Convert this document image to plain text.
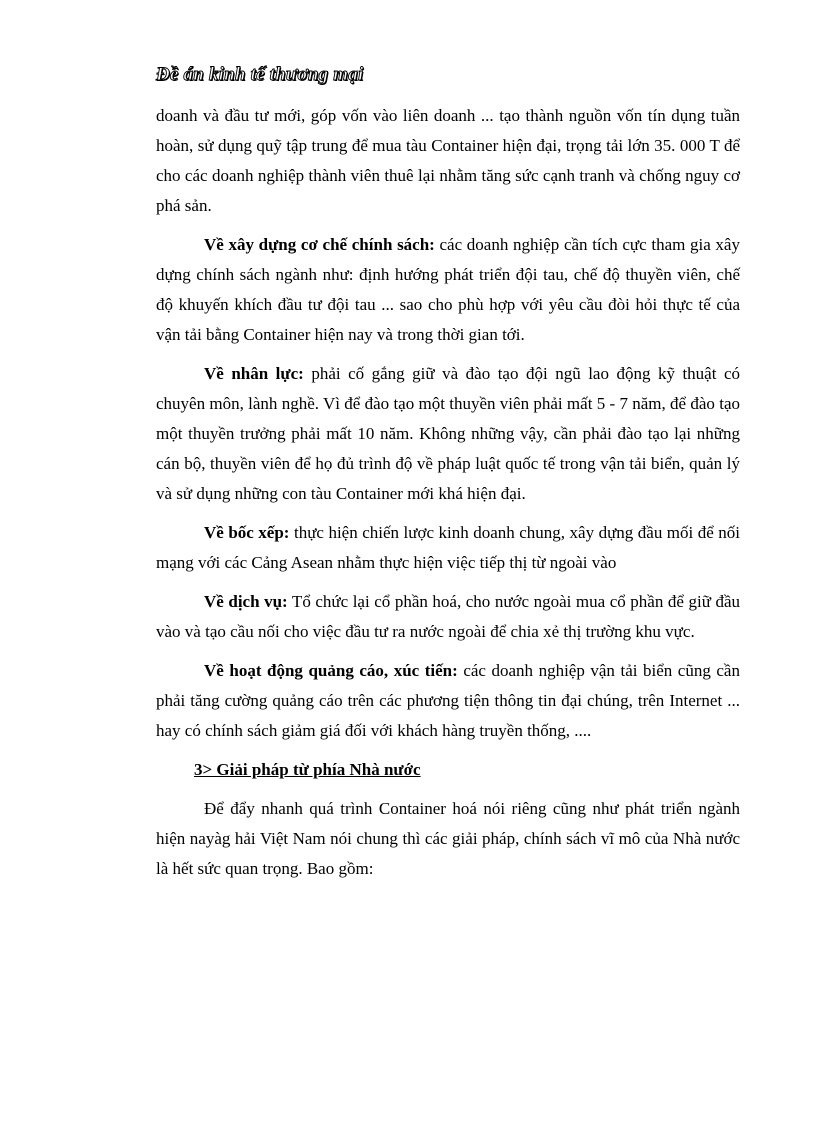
Đề án kinh tế thương mại

doanh và đầu tư mới, góp vốn vào liên doanh ... tạo thành nguồn vốn tín dụng tuần hoàn, sử dụng quỹ tập trung để mua tàu Container hiện đại, trọng tải lớn 35. 000 T để cho các doanh nghiệp thành viên thuê lại nhằm tăng sức cạnh tranh và chống nguy cơ phá sản.

Về xây dựng cơ chế chính sách: các doanh nghiệp cần tích cực tham gia xây dựng chính sách ngành như: định hướng phát triển đội tau, chế độ thuyền viên, chế độ khuyến khích đầu tư đội tau ... sao cho phù hợp với yêu cầu đòi hỏi thực tế của vận tải bằng Container hiện nay và trong thời gian tới.

Về nhân lực: phải cố gắng giữ và đào tạo đội ngũ lao động kỹ thuật có chuyên môn, lành nghề. Vì để đào tạo một thuyền viên phải mất 5 - 7 năm, để đào tạo một thuyền trưởng phải mất 10 năm. Không những vậy, cần phải đào tạo lại những cán bộ, thuyền viên để họ đủ trình độ về pháp luật quốc tế trong vận tải biển, quản lý và sử dụng những con tàu Container mới khá hiện đại.

Về bốc xếp: thực hiện chiến lược kinh doanh chung, xây dựng đầu mối để nối mạng với các Cảng Asean nhằm thực hiện việc tiếp thị từ ngoài vào

Về dịch vụ: Tổ chức lại cổ phần hoá, cho nước ngoài mua cổ phần để giữ đầu vào và tạo cầu nối cho việc đầu tư ra nước ngoài để chia xẻ thị trường khu vực.

Về hoạt động quảng cáo, xúc tiến: các doanh nghiệp vận tải biển cũng cần phải tăng cường quảng cáo trên các phương tiện thông tin đại chúng, trên Internet ... hay có chính sách giảm giá đối với khách hàng truyền thống, ....

3> Giải pháp từ phía Nhà nước

Để đẩy nhanh quá trình Container hoá nói riêng cũng như phát triển ngành hiện nayàg hải Việt Nam nói chung thì các giải pháp, chính sách vĩ mô của Nhà nước là hết sức quan trọng. Bao gồm:
